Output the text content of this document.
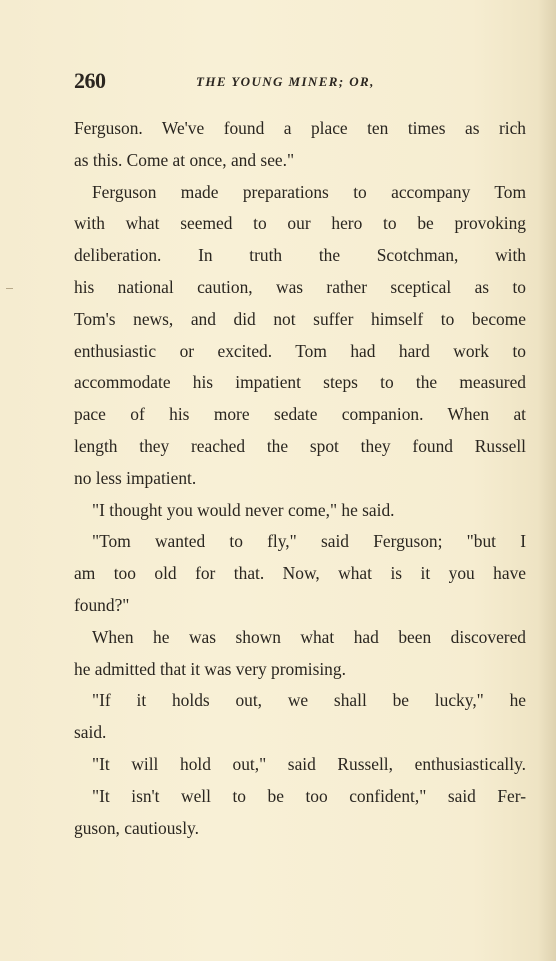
260	THE YOUNG MINER; OR,
Ferguson. We've found a place ten times as rich
as this. Come at once, and see."
Ferguson made preparations to accompany Tom
with what seemed to our hero to be provoking
deliberation. In truth the Scotchman, with
his national caution, was rather sceptical as to
Tom's news, and did not suffer himself to become
enthusiastic or excited. Tom had hard work to
accommodate his impatient steps to the measured
pace of his more sedate companion. When at
length they reached the spot they found Russell
no less impatient.
"I thought you would never come," he said.
"Tom wanted to fly," said Ferguson; "but I
am too old for that. Now, what is it you have
found?"
When he was shown what had been discovered
he admitted that it was very promising.
"If it holds out, we shall be lucky," he
said.
"It will hold out," said Russell, enthusiastically.
"It isn't well to be too confident," said Fer-
guson, cautiously.
